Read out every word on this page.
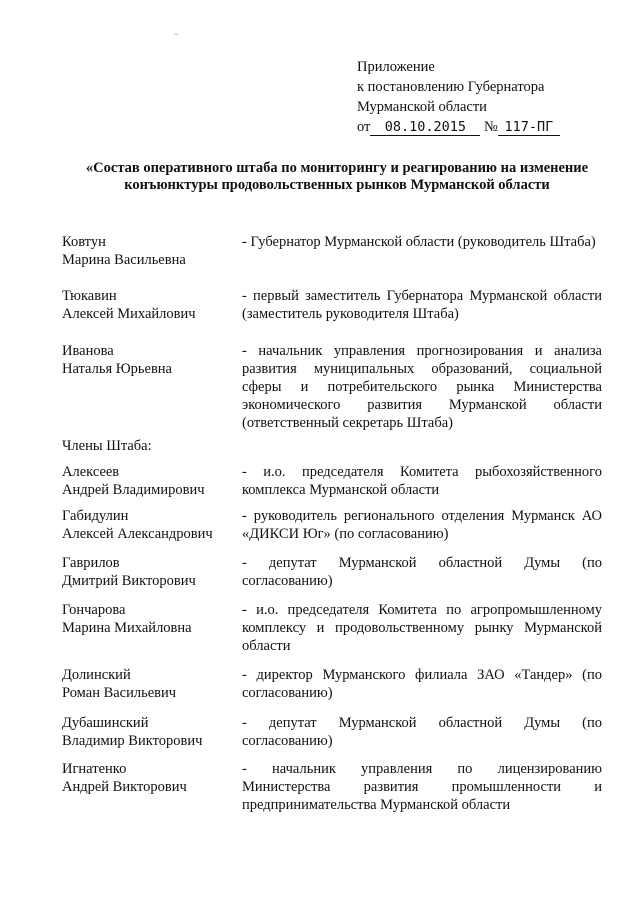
~
Приложение
к постановлению Губернатора
Мурманской области
от 08.10.2015 № 117-ПГ
«Состав оперативного штаба по мониторингу и реагированию на изменение конъюнктуры продовольственных рынков Мурманской области
Ковтун
Марина Васильевна
- Губернатор Мурманской области (руководитель Штаба)
Тюкавин
Алексей Михайлович
- первый заместитель Губернатора Мурманской области (заместитель руководителя Штаба)
Иванова
Наталья Юрьевна
- начальник управления прогнозирования и анализа развития муниципальных образований, социальной сферы и потребительского рынка Министерства экономического развития Мурманской области (ответственный секретарь Штаба)
Члены Штаба:
Алексеев
Андрей Владимирович
- и.о. председателя Комитета рыбохозяйственного комплекса Мурманской области
Габидулин
Алексей Александрович
- руководитель регионального отделения Мурманск АО «ДИКСИ Юг» (по согласованию)
Гаврилов
Дмитрий Викторович
- депутат Мурманской областной Думы (по согласованию)
Гончарова
Марина Михайловна
- и.о. председателя Комитета по агропромышленному комплексу и продовольственному рынку Мурманской области
Долинский
Роман Васильевич
- директор Мурманского филиала ЗАО «Тандер» (по согласованию)
Дубашинский
Владимир Викторович
- депутат Мурманской областной Думы (по согласованию)
Игнатенко
Андрей Викторович
- начальник управления по лицензированию Министерства развития промышленности и предпринимательства Мурманской области
